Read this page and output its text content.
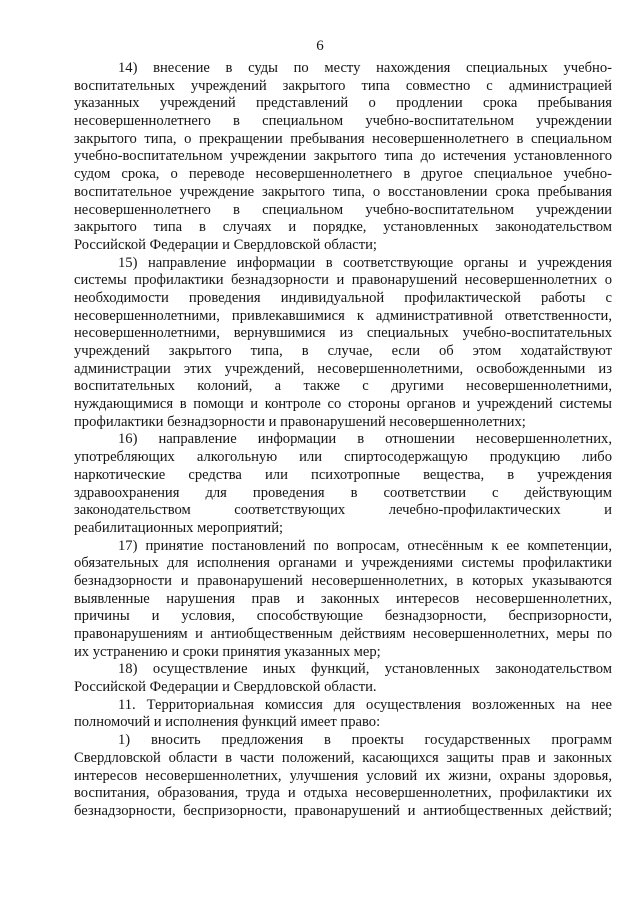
6
14) внесение в суды по месту нахождения специальных учебно-
воспитательных учреждений закрытого типа совместно с администрацией
указанных учреждений представлений о продлении срока пребывания
несовершеннолетнего в специальном учебно-воспитательном учреждении
закрытого типа, о прекращении пребывания несовершеннолетнего в специальном
учебно-воспитательном учреждении закрытого типа до истечения установленного
судом срока, о переводе несовершеннолетнего в другое специальное учебно-
воспитательное учреждение закрытого типа, о восстановлении срока пребывания
несовершеннолетнего в специальном учебно-воспитательном учреждении
закрытого типа в случаях и порядке, установленных законодательством
Российской Федерации и Свердловской области;
15) направление информации в соответствующие органы и учреждения
системы профилактики безнадзорности и правонарушений несовершеннолетних о
необходимости проведения индивидуальной профилактической работы с
несовершеннолетними, привлекавшимися к административной ответственности,
несовершеннолетними, вернувшимися из специальных учебно-воспитательных
учреждений закрытого типа, в случае, если об этом ходатайствуют
администрации этих учреждений, несовершеннолетними, освобожденными из
воспитательных колоний, а также с другими несовершеннолетними,
нуждающимися в помощи и контроле со стороны органов и учреждений системы
профилактики безнадзорности и правонарушений несовершеннолетних;
16) направление информации в отношении несовершеннолетних,
употребляющих алкогольную или спиртосодержащую продукцию либо
наркотические средства или психотропные вещества, в учреждения
здравоохранения для проведения в соответствии с действующим
законодательством соответствующих лечебно-профилактических и
реабилитационных мероприятий;
17) принятие постановлений по вопросам, отнесённым к ее компетенции,
обязательных для исполнения органами и учреждениями системы профилактики
безнадзорности и правонарушений несовершеннолетних, в которых указываются
выявленные нарушения прав и законных интересов несовершеннолетних,
причины и условия, способствующие безнадзорности, беспризорности,
правонарушениям и антиобщественным действиям несовершеннолетних, меры по
их устранению и сроки принятия указанных мер;
18) осуществление иных функций, установленных законодательством
Российской Федерации и Свердловской области.
11. Территориальная комиссия для осуществления возложенных на нее
полномочий и исполнения функций имеет право:
1) вносить предложения в проекты государственных программ
Свердловской области в части положений, касающихся защиты прав и законных
интересов несовершеннолетних, улучшения условий их жизни, охраны здоровья,
воспитания, образования, труда и отдыха несовершеннолетних, профилактики их
безнадзорности, беспризорности, правонарушений и антиобщественных действий;
